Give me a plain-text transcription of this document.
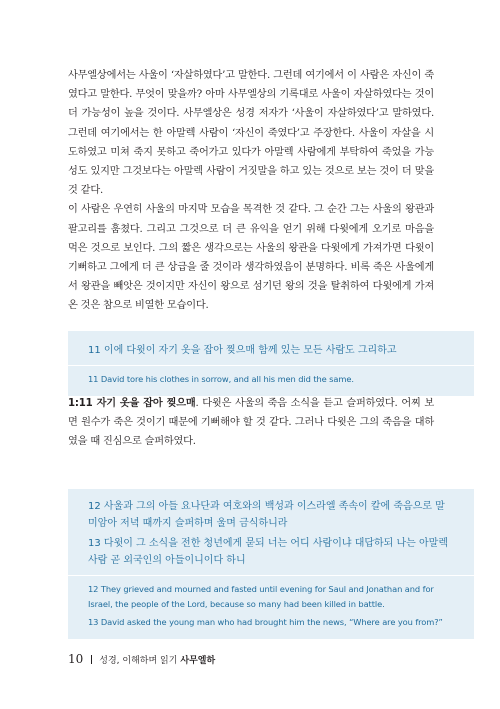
사무엘상에서는 사울이 ‘자살하였다’고 말한다. 그런데 여기에서 이 사람은 자신이 죽였다고 말한다. 무엇이 맞을까? 아마 사무엘상의 기록대로 사울이 자살하였다는 것이 더 가능성이 높을 것이다. 사무엘상은 성경 저자가 ‘사울이 자살하였다’고 말하였다. 그런데 여기에서는 한 아말렉 사람이 ‘자신이 죽였다’고 주장한다. 사울이 자살을 시도하였고 미쳐 죽지 못하고 죽어가고 있다가 아말렉 사람에게 부탁하여 죽었을 가능성도 있지만 그것보다는 아말렉 사람이 거짓말을 하고 있는 것으로 보는 것이 더 맞을 것 같다.

이 사람은 우연히 사울의 마지막 모습을 목격한 것 같다. 그 순간 그는 사울의 왕관과 팔고리를 훔쳤다. 그리고 그것으로 더 큰 유익을 얻기 위해 다윗에게 오기로 마음을 먹은 것으로 보인다. 그의 짧은 생각으로는 사울의 왕관을 다윗에게 가져가면 다윗이 기뻐하고 그에게 더 큰 상급을 줄 것이라 생각하였음이 분명하다. 비록 죽은 사울에게서 왕관을 빼앗은 것이지만 자신이 왕으로 섬기던 왕의 것을 탈취하여 다윗에게 가져온 것은 참으로 비열한 모습이다.

11 이에 다윗이 자기 옷을 잡아 찢으매 함께 있는 모든 사람도 그리하고

11 David tore his clothes in sorrow, and all his men did the same.

1:11 자기 옷을 잡아 찢으매. 다윗은 사울의 죽음 소식을 듣고 슬퍼하였다. 어찌 보면 원수가 죽은 것이기 때문에 기뻐해야 할 것 같다. 그러나 다윗은 그의 죽음을 대하였을 때 진심으로 슬퍼하였다.

12 사울과 그의 아들 요나단과 여호와의 백성과 이스라엘 족속이 칼에 죽음으로 말미암아 저녁 때까지 슬퍼하며 울며 금식하니라

13 다윗이 그 소식을 전한 청년에게 묻되 너는 어디 사람이냐 대답하되 나는 아말렉 사람 곧 외국인의 아들이니이다 하니

12 They grieved and mourned and fasted until evening for Saul and Jonathan and for Israel, the people of the Lord, because so many had been killed in battle.

13 David asked the young man who had brought him the news, “Where are you from?”

10 성경, 이해하며 읽기 사무엘하
